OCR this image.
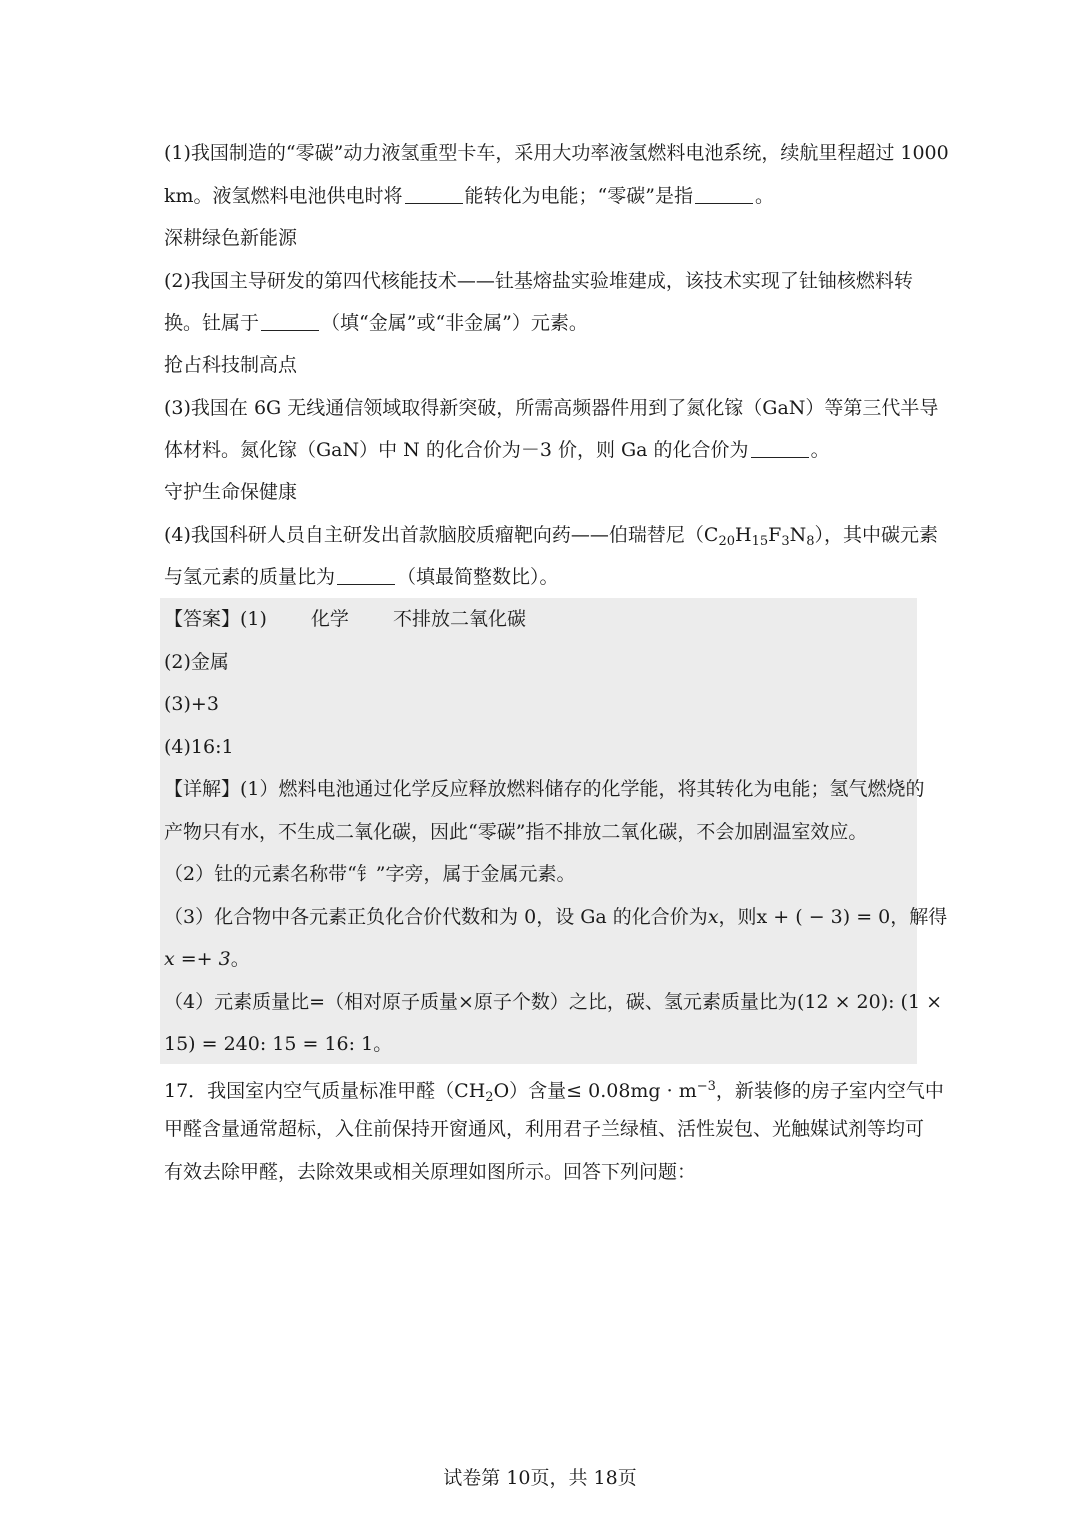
(1)我国制造的“零碳”动力液氢重型卡车，采用大功率液氢燃料电池系统，续航里程超过 1000
km。液氢燃料电池供电时将	能转化为电能；“零碳”是指	。
深耕绿色新能源
(2)我国主导研发的第四代核能技术——钍基熔盐实验堆建成，该技术实现了钍铀核燃料转
换。钍属于	（填“金属”或“非金属”）元素。
抢占科技制高点
(3)我国在 6G 无线通信领域取得新突破，所需高频器件用到了氮化镓（GaN）等第三代半导
体材料。氮化镓（GaN）中 N 的化合价为－3 价，则 Ga 的化合价为	。
守护生命保健康
(4)我国科研人员自主研发出首款脑胶质瘤靶向药——伯瑞替尼$(C_{20}H_{15}F_3N_8)$，其中碳元素
与氢元素的质量比为	（填最简整数比）。
【答案】(1) 化学 不排放二氧化碳
(2)金属
(3)+3
(4)16:1
【详解】(1）燃料电池通过化学反应释放燃料储存的化学能，将其转化为电能；氢气燃烧的
产物只有水，不生成二氧化碳，因此“零碳”指不排放二氧化碳，不会加剧温室效应。
（2）钍的元素名称带“钅”字旁，属于金属元素。
（3）化合物中各元素正负化合价代数和为 0，设 Ga 的化合价为x，则x + ( − 3) = 0，解得
x =+ 3。
（4）元素质量比=（相对原子质量×原子个数）之比，碳、氢元素质量比为(12 × 20): (1 ×
15) = 240: 15 = 16: 1。
17．我国室内空气质量标准甲醛$(CH_2O)$含量≤ $0.08mg \cdot m^{-3}$，新装修的房子室内空气中
甲醛含量通常超标，入住前保持开窗通风，利用君子兰绿植、活性炭包、光触媒试剂等均可
有效去除甲醛，去除效果或相关原理如图所示。回答下列问题：
试卷第 10页，共 18页
